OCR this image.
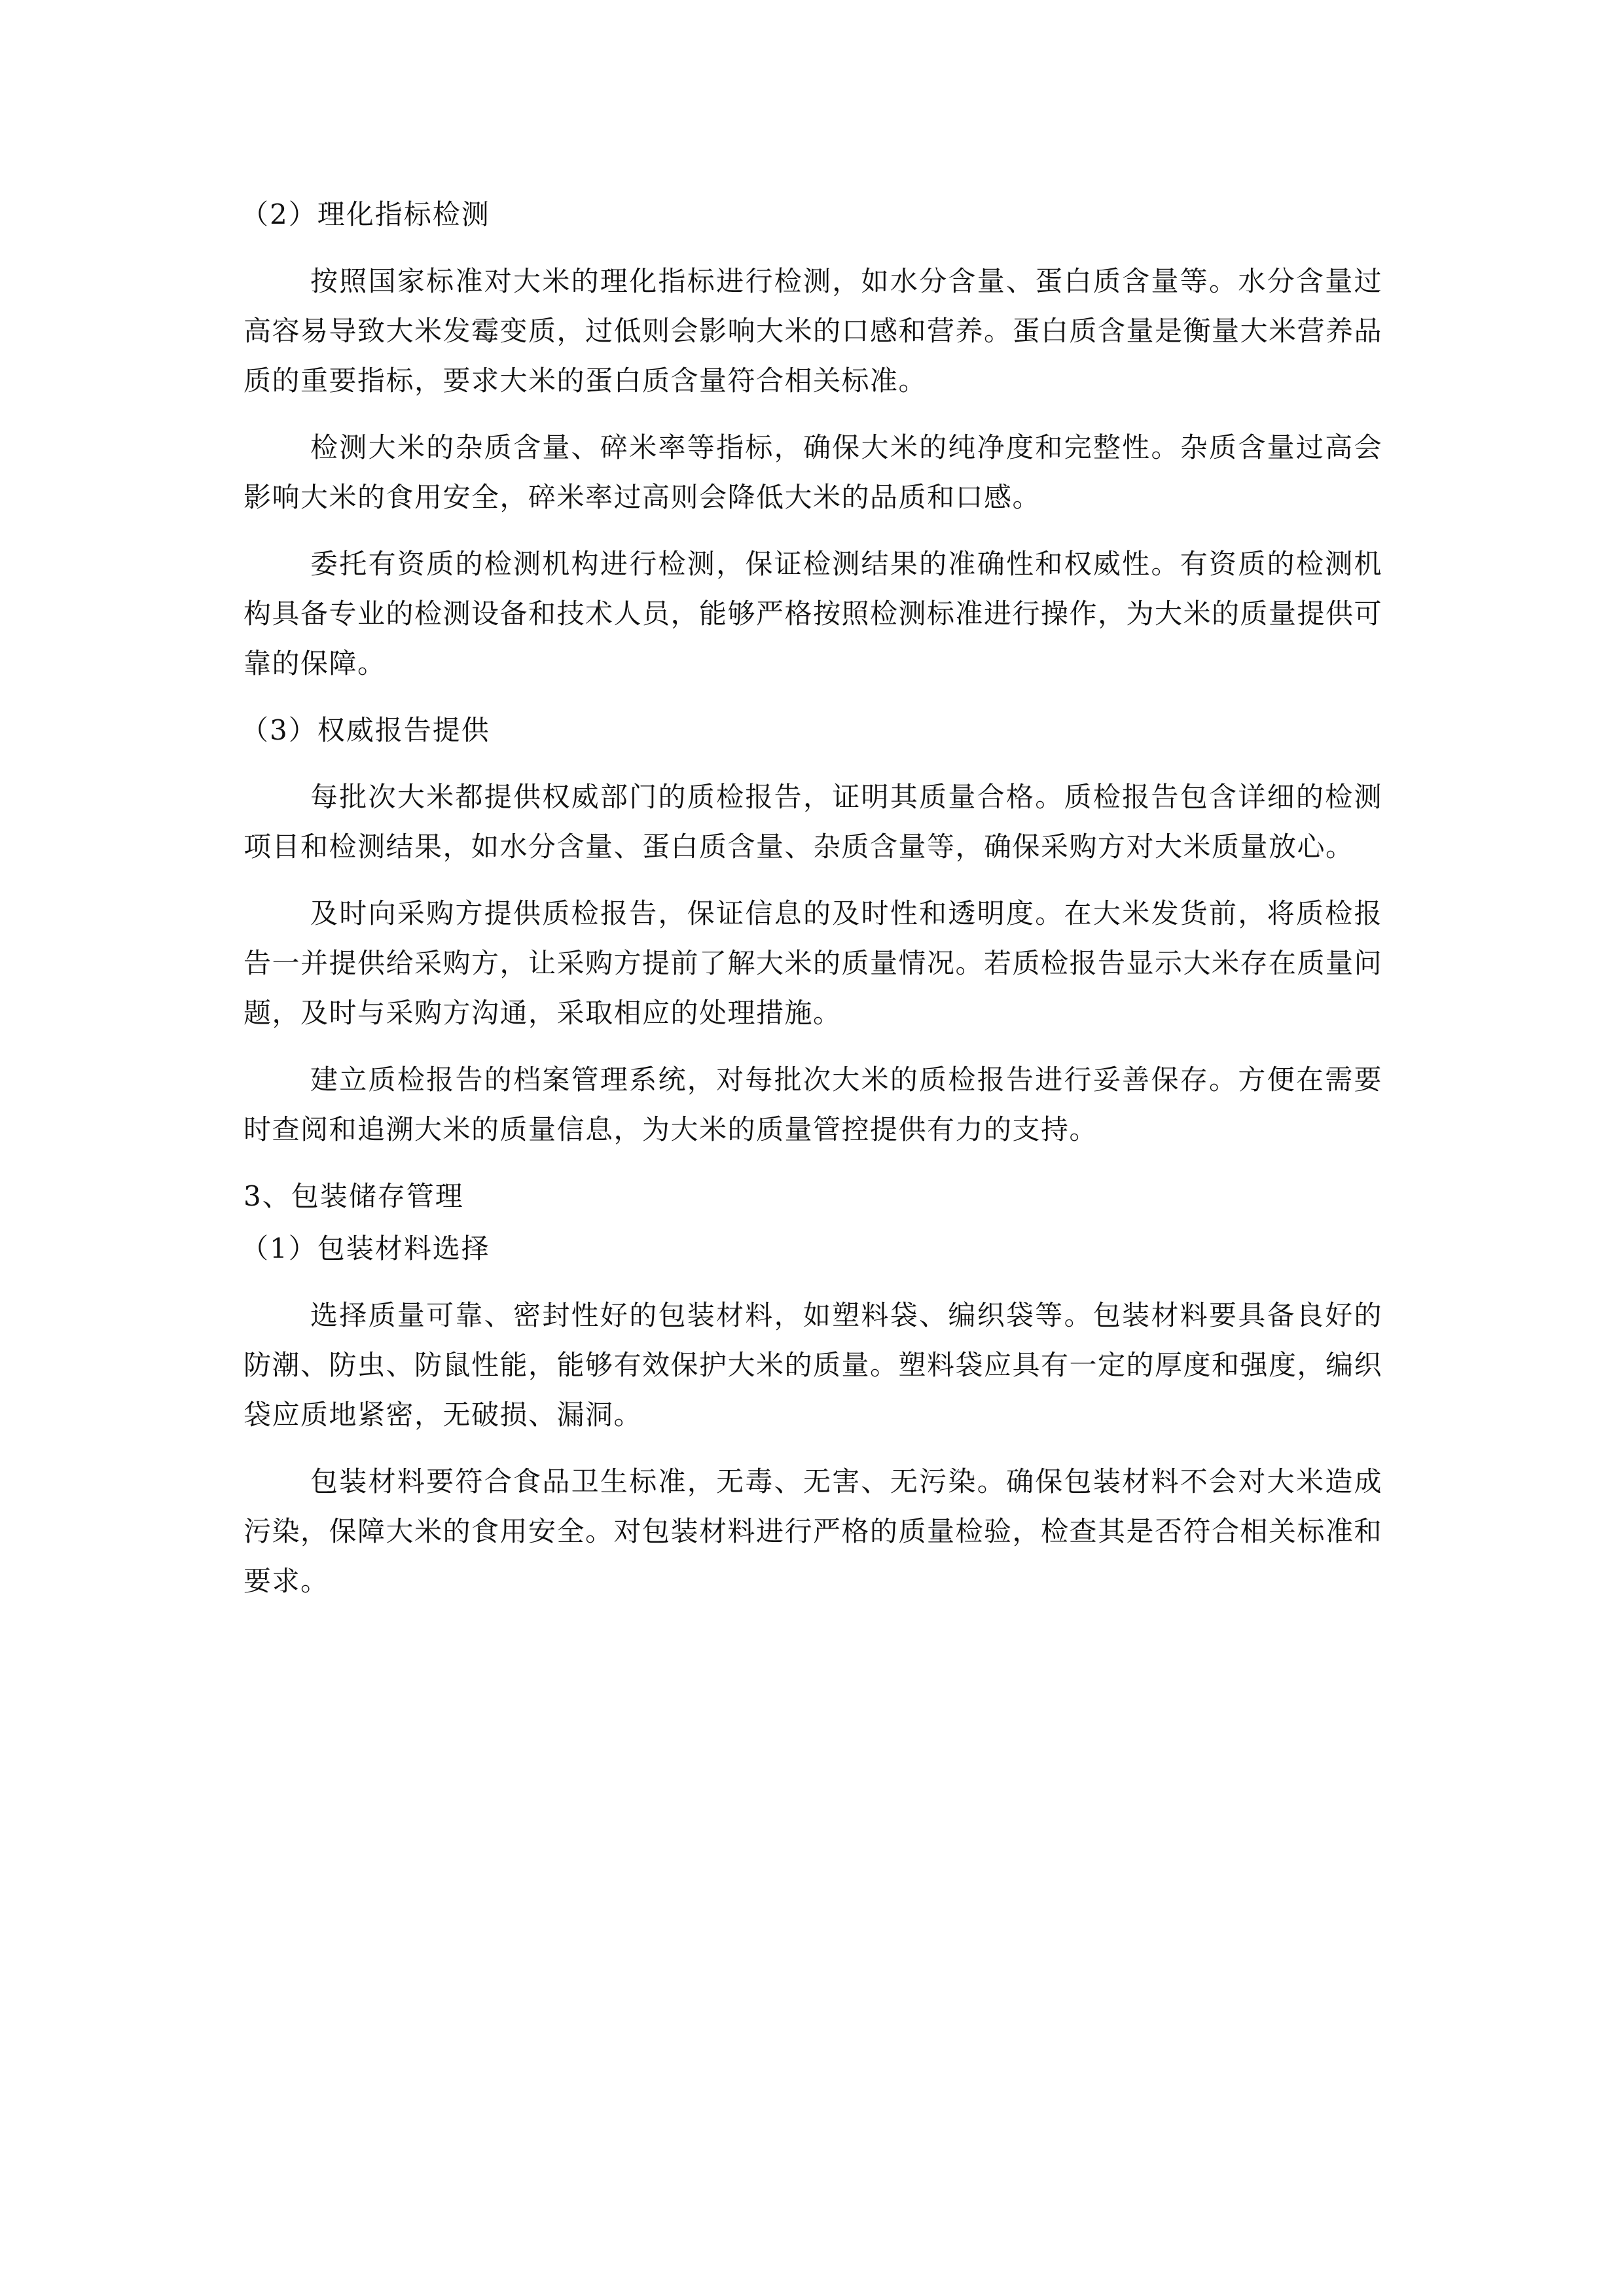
（2）理化指标检测

按照国家标准对大米的理化指标进行检测，如水分含量、蛋白质含量等。水分含量过高容易导致大米发霉变质，过低则会影响大米的口感和营养。蛋白质含量是衡量大米营养品质的重要指标，要求大米的蛋白质含量符合相关标准。

检测大米的杂质含量、碎米率等指标，确保大米的纯净度和完整性。杂质含量过高会影响大米的食用安全，碎米率过高则会降低大米的品质和口感。

委托有资质的检测机构进行检测，保证检测结果的准确性和权威性。有资质的检测机构具备专业的检测设备和技术人员，能够严格按照检测标准进行操作，为大米的质量提供可靠的保障。

（3）权威报告提供

每批次大米都提供权威部门的质检报告，证明其质量合格。质检报告包含详细的检测项目和检测结果，如水分含量、蛋白质含量、杂质含量等，确保采购方对大米质量放心。

及时向采购方提供质检报告，保证信息的及时性和透明度。在大米发货前，将质检报告一并提供给采购方，让采购方提前了解大米的质量情况。若质检报告显示大米存在质量问题，及时与采购方沟通，采取相应的处理措施。

建立质检报告的档案管理系统，对每批次大米的质检报告进行妥善保存。方便在需要时查阅和追溯大米的质量信息，为大米的质量管控提供有力的支持。

3、包装储存管理
（1）包装材料选择

选择质量可靠、密封性好的包装材料，如塑料袋、编织袋等。包装材料要具备良好的防潮、防虫、防鼠性能，能够有效保护大米的质量。塑料袋应具有一定的厚度和强度，编织袋应质地紧密，无破损、漏洞。

包装材料要符合食品卫生标准，无毒、无害、无污染。确保包装材料不会对大米造成污染，保障大米的食用安全。对包装材料进行严格的质量检验，检查其是否符合相关标准和要求。
